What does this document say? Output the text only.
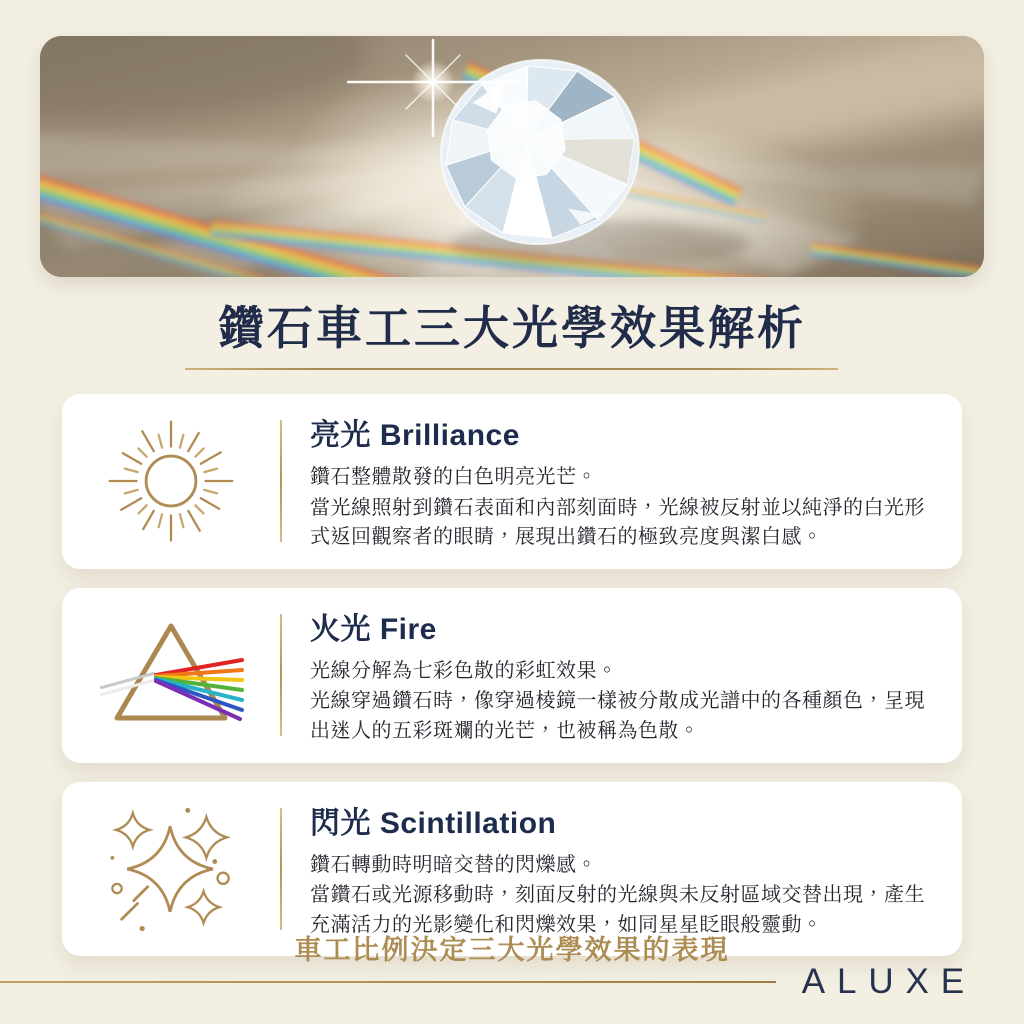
鑽石車工三大光學效果解析
亮光 Brilliance

鑽石整體散發的白色明亮光芒。

當光線照射到鑽石表面和內部刻面時，光線被反射並以純淨的白光形式返回觀察者的眼睛，展現出鑽石的極致亮度與潔白感。

火光 Fire

光線分解為七彩色散的彩虹效果。

光線穿過鑽石時，像穿過棱鏡一樣被分散成光譜中的各種顏色，呈現出迷人的五彩斑斕的光芒，也被稱為色散。

閃光 Scintillation

鑽石轉動時明暗交替的閃爍感。

當鑽石或光源移動時，刻面反射的光線與未反射區域交替出現，產生充滿活力的光影變化和閃爍效果，如同星星眨眼般靈動。

車工比例決定三大光學效果的表現

ALUXE
